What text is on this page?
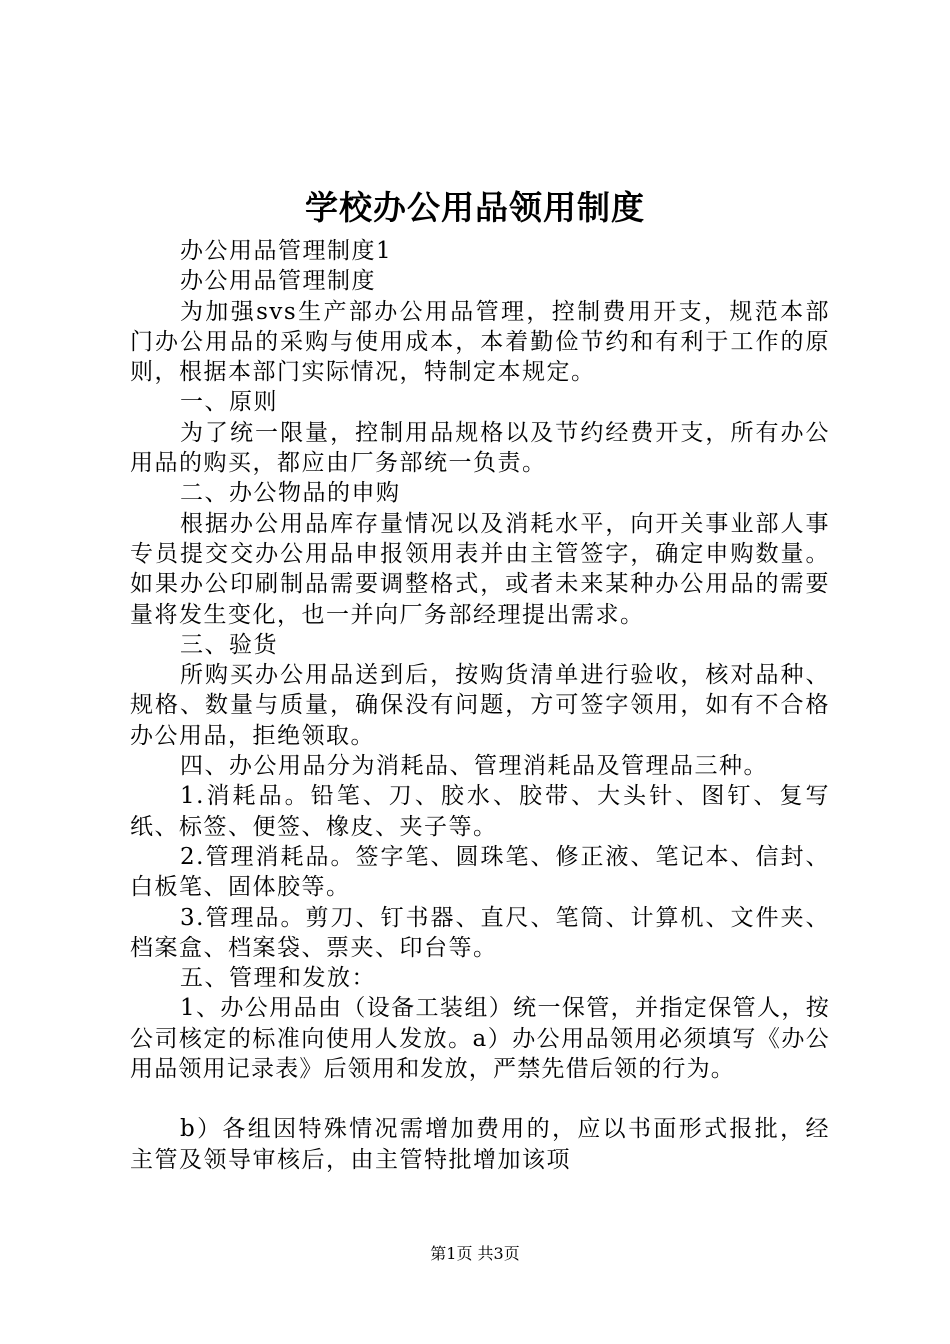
学校办公用品领用制度

办公用品管理制度1

办公用品管理制度

为加强svs生产部办公用品管理，控制费用开支，规范本部门办公用品的采购与使用成本，本着勤俭节约和有利于工作的原则，根据本部门实际情况，特制定本规定。

一、原则

为了统一限量，控制用品规格以及节约经费开支，所有办公用品的购买，都应由厂务部统一负责。

二、办公物品的申购

根据办公用品库存量情况以及消耗水平，向开关事业部人事专员提交交办公用品申报领用表并由主管签字，确定申购数量。如果办公印刷制品需要调整格式，或者未来某种办公用品的需要量将发生变化，也一并向厂务部经理提出需求。

三、验货

所购买办公用品送到后，按购货清单进行验收，核对品种、规格、数量与质量，确保没有问题，方可签字领用，如有不合格办公用品，拒绝领取。

四、办公用品分为消耗品、管理消耗品及管理品三种。

1.消耗品。铅笔、刀、胶水、胶带、大头针、图钉、复写纸、标签、便签、橡皮、夹子等。

2.管理消耗品。签字笔、圆珠笔、修正液、笔记本、信封、白板笔、固体胶等。

3.管理品。剪刀、钉书器、直尺、笔筒、计算机、文件夹、档案盒、档案袋、票夹、印台等。

五、管理和发放：

1、办公用品由（设备工装组）统一保管，并指定保管人，按公司核定的标准向使用人发放。a）办公用品领用必须填写《办公用品领用记录表》后领用和发放，严禁先借后领的行为。

b）各组因特殊情况需增加费用的，应以书面形式报批，经主管及领导审核后，由主管特批增加该项

第1页 共3页
